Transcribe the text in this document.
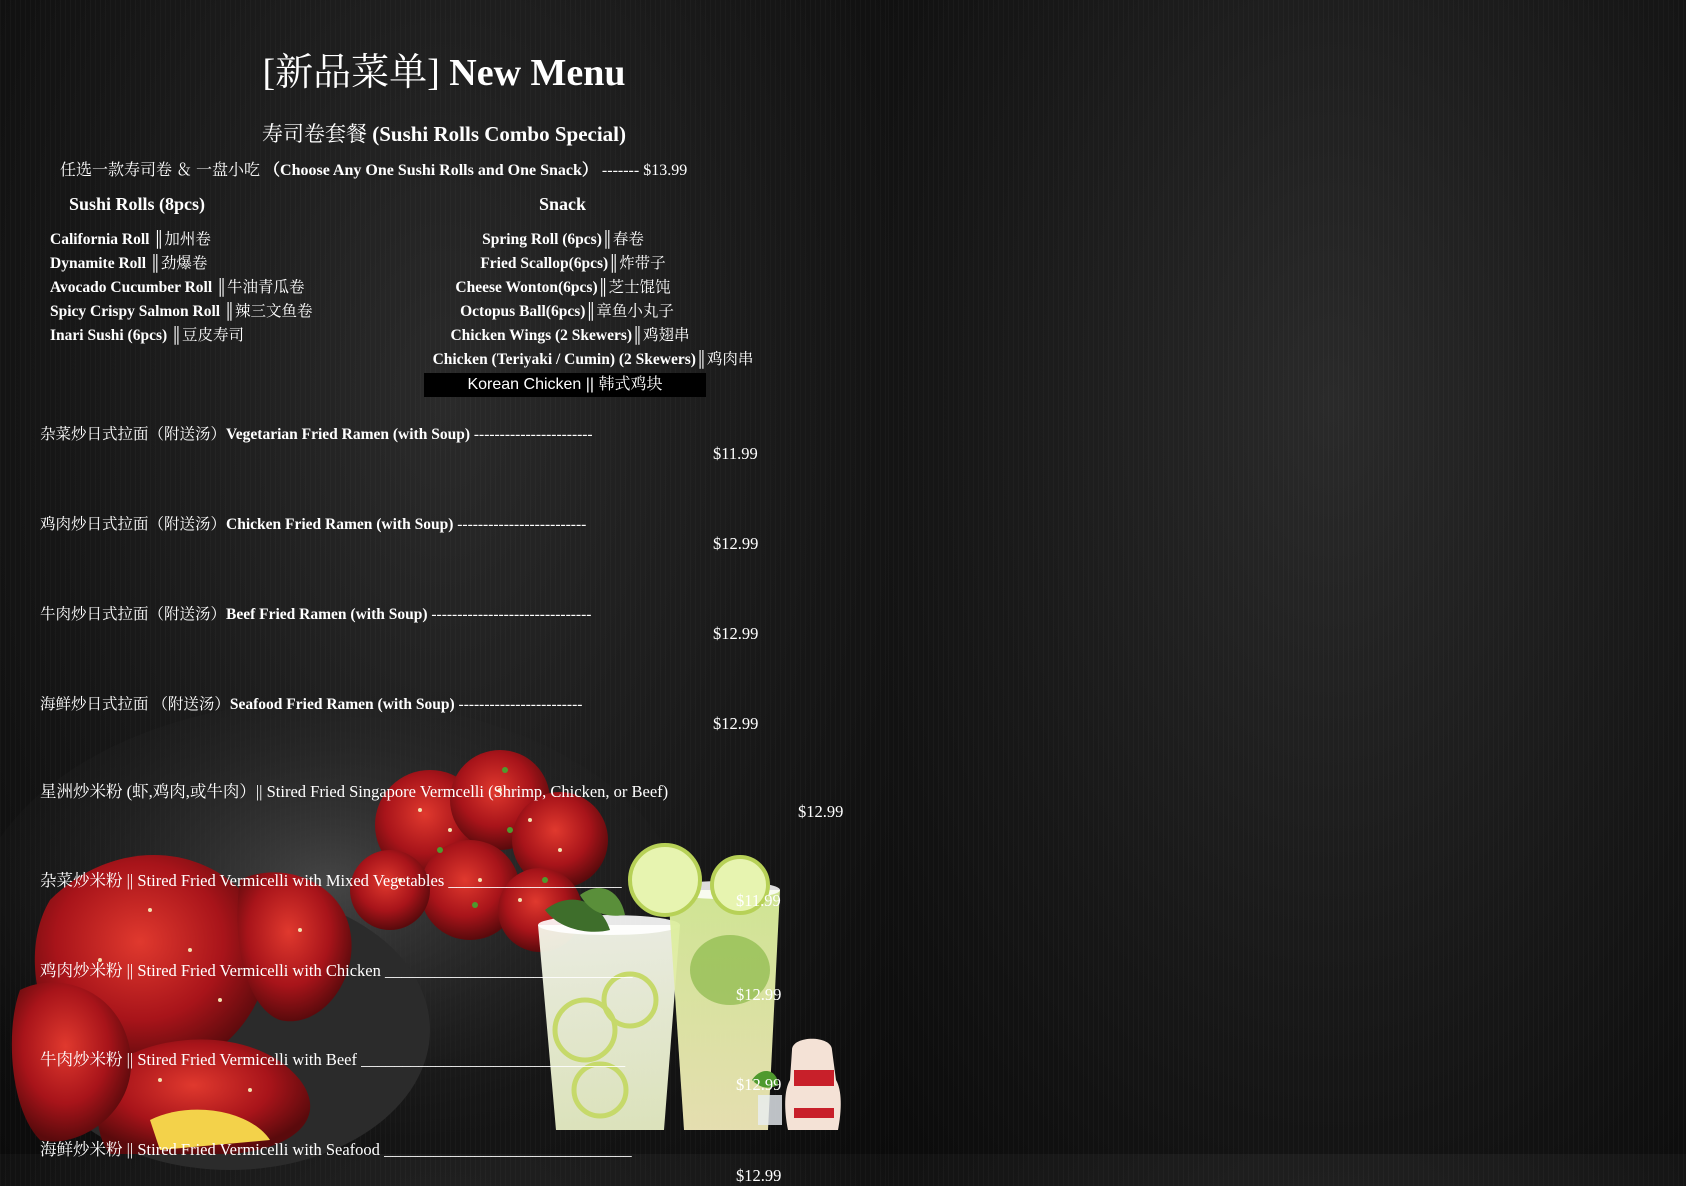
[新品菜单] New Menu
寿司卷套餐 (Sushi Rolls Combo Special)
任选一款寿司卷 ＆ 一盘小吃 （Choose Any One Sushi Rolls and One Snack） ------- $13.99
Sushi Rolls (8pcs)	Snack
California Roll ║加州卷
Dynamite Roll ║劲爆卷
Avocado Cucumber Roll ║牛油青瓜卷
Spicy Crispy Salmon Roll ║辣三文鱼卷
Inari Sushi (6pcs) ║豆皮寿司
Spring Roll (6pcs)║春卷
Fried Scallop(6pcs)║炸带子
Cheese Wonton(6pcs)║芝士馄饨
Octopus Ball(6pcs)║章鱼小丸子
Chicken Wings (2 Skewers)║鸡翅串
Chicken (Teriyaki / Cumin) (2 Skewers)║鸡肉串
Korean Chicken || 韩式鸡块
杂菜炒日式拉面（附送汤）Vegetarian Fried Ramen (with Soup) -----------------------
$11.99
鸡肉炒日式拉面（附送汤）Chicken Fried Ramen (with Soup) -------------------------
$12.99
牛肉炒日式拉面（附送汤）Beef Fried Ramen (with Soup) -------------------------------
$12.99
海鲜炒日式拉面 （附送汤）Seafood Fried Ramen (with Soup) ------------------------
$12.99
星洲炒米粉 (虾,鸡肉,或牛肉）|| Stired Fried Singapore Vermcelli (Shrimp, Chicken, or Beef)
$12.99
杂菜炒米粉 || Stired Fried Vermicelli with Mixed Vegetables _____________________
$11.99
鸡肉炒米粉 || Stired Fried Vermicelli with Chicken ______________________________
$12.99
牛肉炒米粉 || Stired Fried Vermicelli with Beef ________________________________
$12.99
海鲜炒米粉 || Stired Fried Vermicelli with Seafood ______________________________
$12.99
